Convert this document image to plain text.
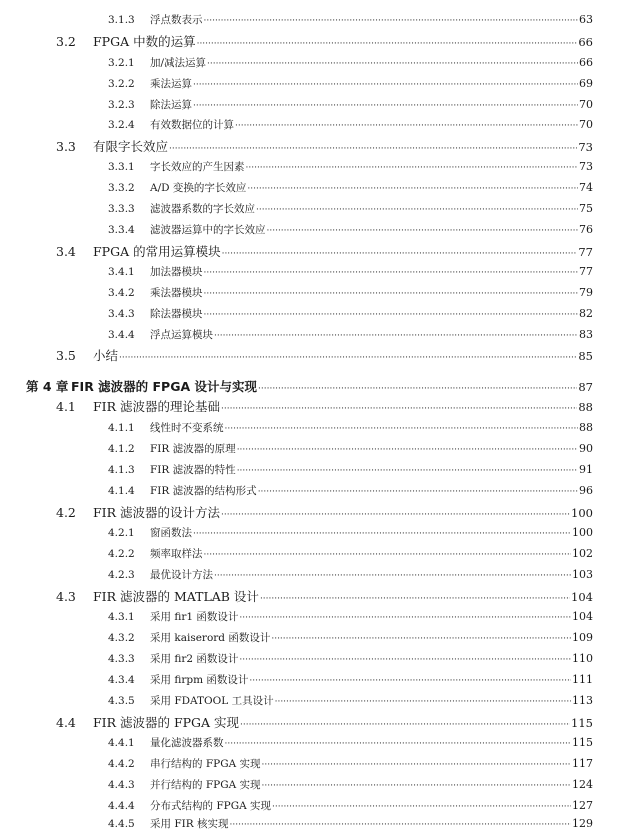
3.1.3	浮点数表示 ·····	63
3.2	FPGA 中数的运算 ·····	66
3.2.1	加/减法运算 ·····	66
3.2.2	乘法运算 ·····	69
3.2.3	除法运算 ·····	70
3.2.4	有效数据位的计算 ·····	70
3.3	有限字长效应 ·····	73
3.3.1	字长效应的产生因素 ·····	73
3.3.2	A/D 变换的字长效应 ·····	74
3.3.3	滤波器系数的字长效应 ·····	75
3.3.4	滤波器运算中的字长效应 ·····	76
3.4	FPGA 的常用运算模块 ·····	77
3.4.1	加法器模块 ·····	77
3.4.2	乘法器模块 ·····	79
3.4.3	除法器模块 ·····	82
3.4.4	浮点运算模块 ·····	83
3.5	小结 ·····	85
第 4 章 FIR 滤波器的 FPGA 设计与实现 ·····	87
4.1	FIR 滤波器的理论基础 ·····	88
4.1.1	线性时不变系统 ·····	88
4.1.2	FIR 滤波器的原理 ·····	90
4.1.3	FIR 滤波器的特性 ·····	91
4.1.4	FIR 滤波器的结构形式 ·····	96
4.2	FIR 滤波器的设计方法 ·····	100
4.2.1	窗函数法 ·····	100
4.2.2	频率取样法 ·····	102
4.2.3	最优设计方法 ·····	103
4.3	FIR 滤波器的 MATLAB 设计 ·····	104
4.3.1	采用 fir1 函数设计 ·····	104
4.3.2	采用 kaiserord 函数设计 ·····	109
4.3.3	采用 fir2 函数设计 ·····	110
4.3.4	采用 firpm 函数设计 ·····	111
4.3.5	采用 FDATOOL 工具设计 ·····	113
4.4	FIR 滤波器的 FPGA 实现 ·····	115
4.4.1	量化滤波器系数 ·····	115
4.4.2	串行结构的 FPGA 实现 ·····	117
4.4.3	并行结构的 FPGA 实现 ·····	124
4.4.4	分布式结构的 FPGA 实现 ·····	127
4.4.5	采用 FIR 核实现 ·····	129
